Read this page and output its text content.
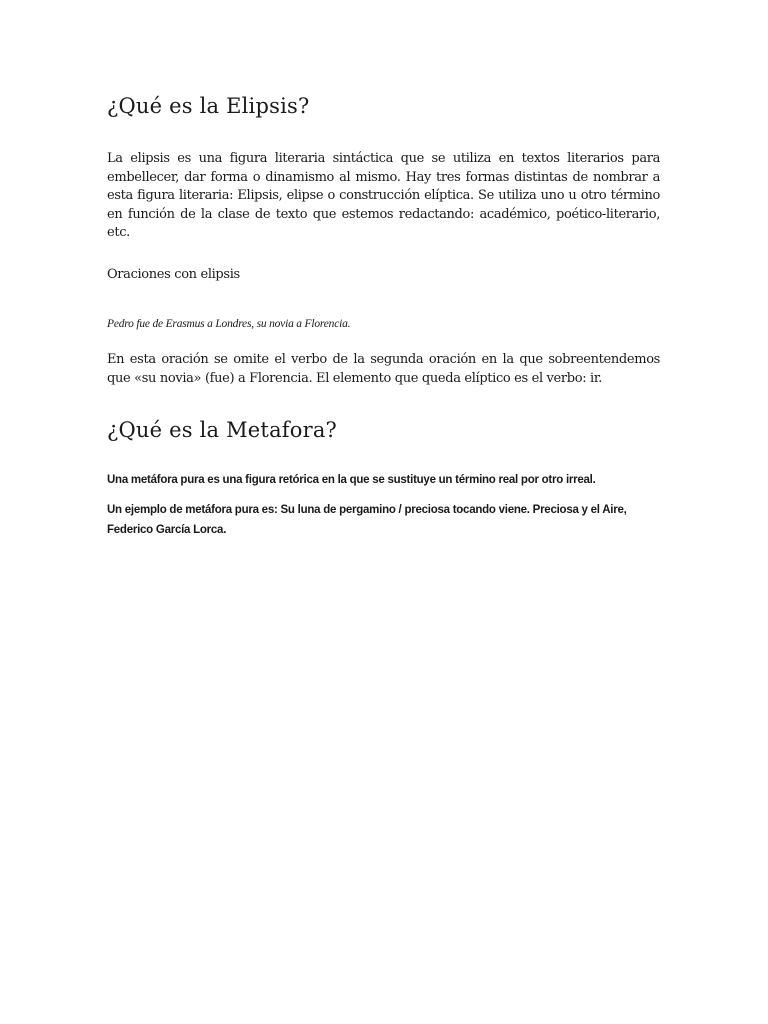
¿Qué es la Elipsis?

La elipsis es una figura literaria sintáctica que se utiliza en textos literarios para embellecer, dar forma o dinamismo al mismo. Hay tres formas distintas de nombrar a esta figura literaria: Elipsis, elipse o construcción elíptica. Se utiliza uno u otro término en función de la clase de texto que estemos redactando: académico, poético-literario, etc.

Oraciones con elipsis

Pedro fue de Erasmus a Londres, su novia a Florencia.

En esta oración se omite el verbo de la segunda oración en la que sobreentendemos que «su novia» (fue) a Florencia. El elemento que queda elíptico es el verbo: ir.

¿Qué es la Metafora?

Una metáfora pura es una figura retórica en la que se sustituye un término real por otro irreal.

Un ejemplo de metáfora pura es: Su luna de pergamino / preciosa tocando viene. Preciosa y el Aire, Federico García Lorca.
